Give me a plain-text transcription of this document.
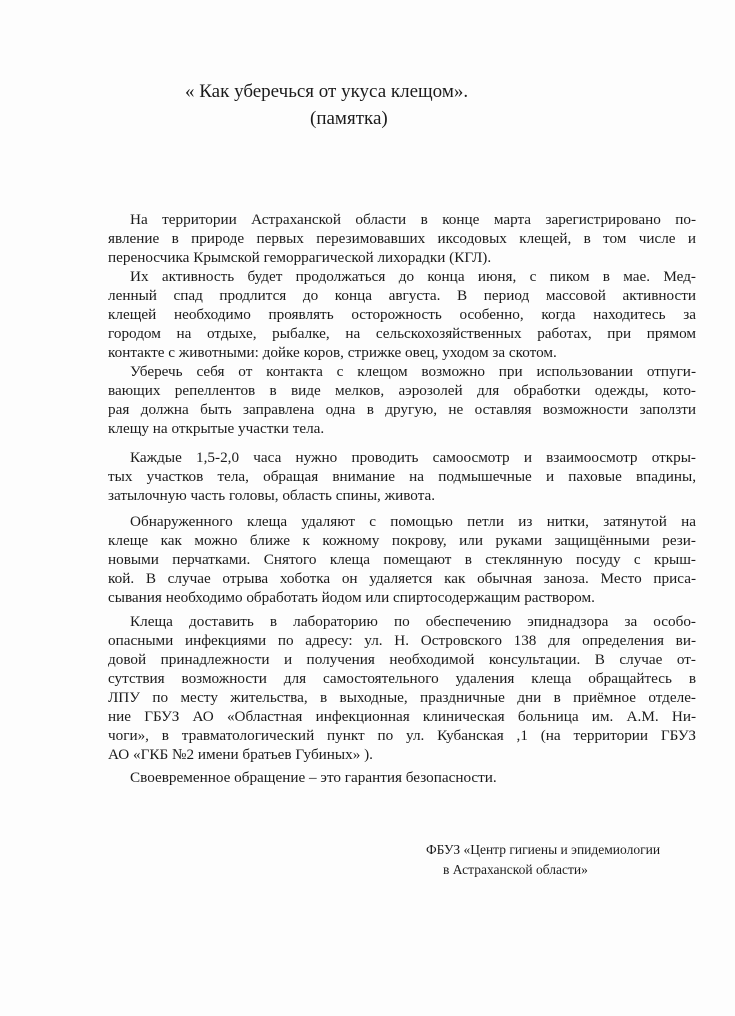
« Как уберечься от укуса клещом».
(памятка)
На территории Астраханской области в конце марта зарегистрировано по-
явление в природе первых перезимовавших иксодовых клещей, в том числе и
переносчика Крымской геморрагической лихорадки (КГЛ).
Их активность будет продолжаться до конца июня, с пиком в мае. Мед-
ленный спад продлится до конца августа. В период массовой активности
клещей необходимо проявлять осторожность особенно, когда находитесь за
городом на отдыхе, рыбалке, на сельскохозяйственных работах, при прямом
контакте с животными: дойке коров, стрижке овец, уходом за скотом.
Уберечь себя от контакта с клещом возможно при использовании отпуги-
вающих репеллентов в виде мелков, аэрозолей для обработки одежды, кото-
рая должна быть заправлена одна в другую, не оставляя возможности заползти
клещу на открытые участки тела.
Каждые 1,5-2,0 часа нужно проводить самоосмотр и взаимоосмотр откры-
тых участков тела, обращая внимание на подмышечные и паховые впадины,
затылочную часть головы, область спины, живота.
Обнаруженного клеща удаляют с помощью петли из нитки, затянутой на
клеще как можно ближе к кожному покрову, или руками защищёнными рези-
новыми перчатками. Снятого клеща помещают в стеклянную посуду с крыш-
кой. В случае отрыва хоботка он удаляется как обычная заноза. Место приса-
сывания необходимо обработать йодом или спиртосодержащим раствором.
Клеща доставить в лабораторию по обеспечению эпиднадзора за особо-
опасными инфекциями по адресу: ул. Н. Островского 138 для определения ви-
довой принадлежности и получения необходимой консультации. В случае от-
сутствия возможности для самостоятельного удаления клеща обращайтесь в
ЛПУ по месту жительства, в выходные, праздничные дни в приёмное отделе-
ние ГБУЗ АО «Областная инфекционная клиническая больница им. А.М. Ни-
чоги», в травматологический пункт по ул. Кубанская ,1 (на территории ГБУЗ
АО «ГКБ №2 имени братьев Губиных» ).
Своевременное обращение – это гарантия безопасности.
ФБУЗ «Центр гигиены и эпидемиологии
в Астраханской области»
